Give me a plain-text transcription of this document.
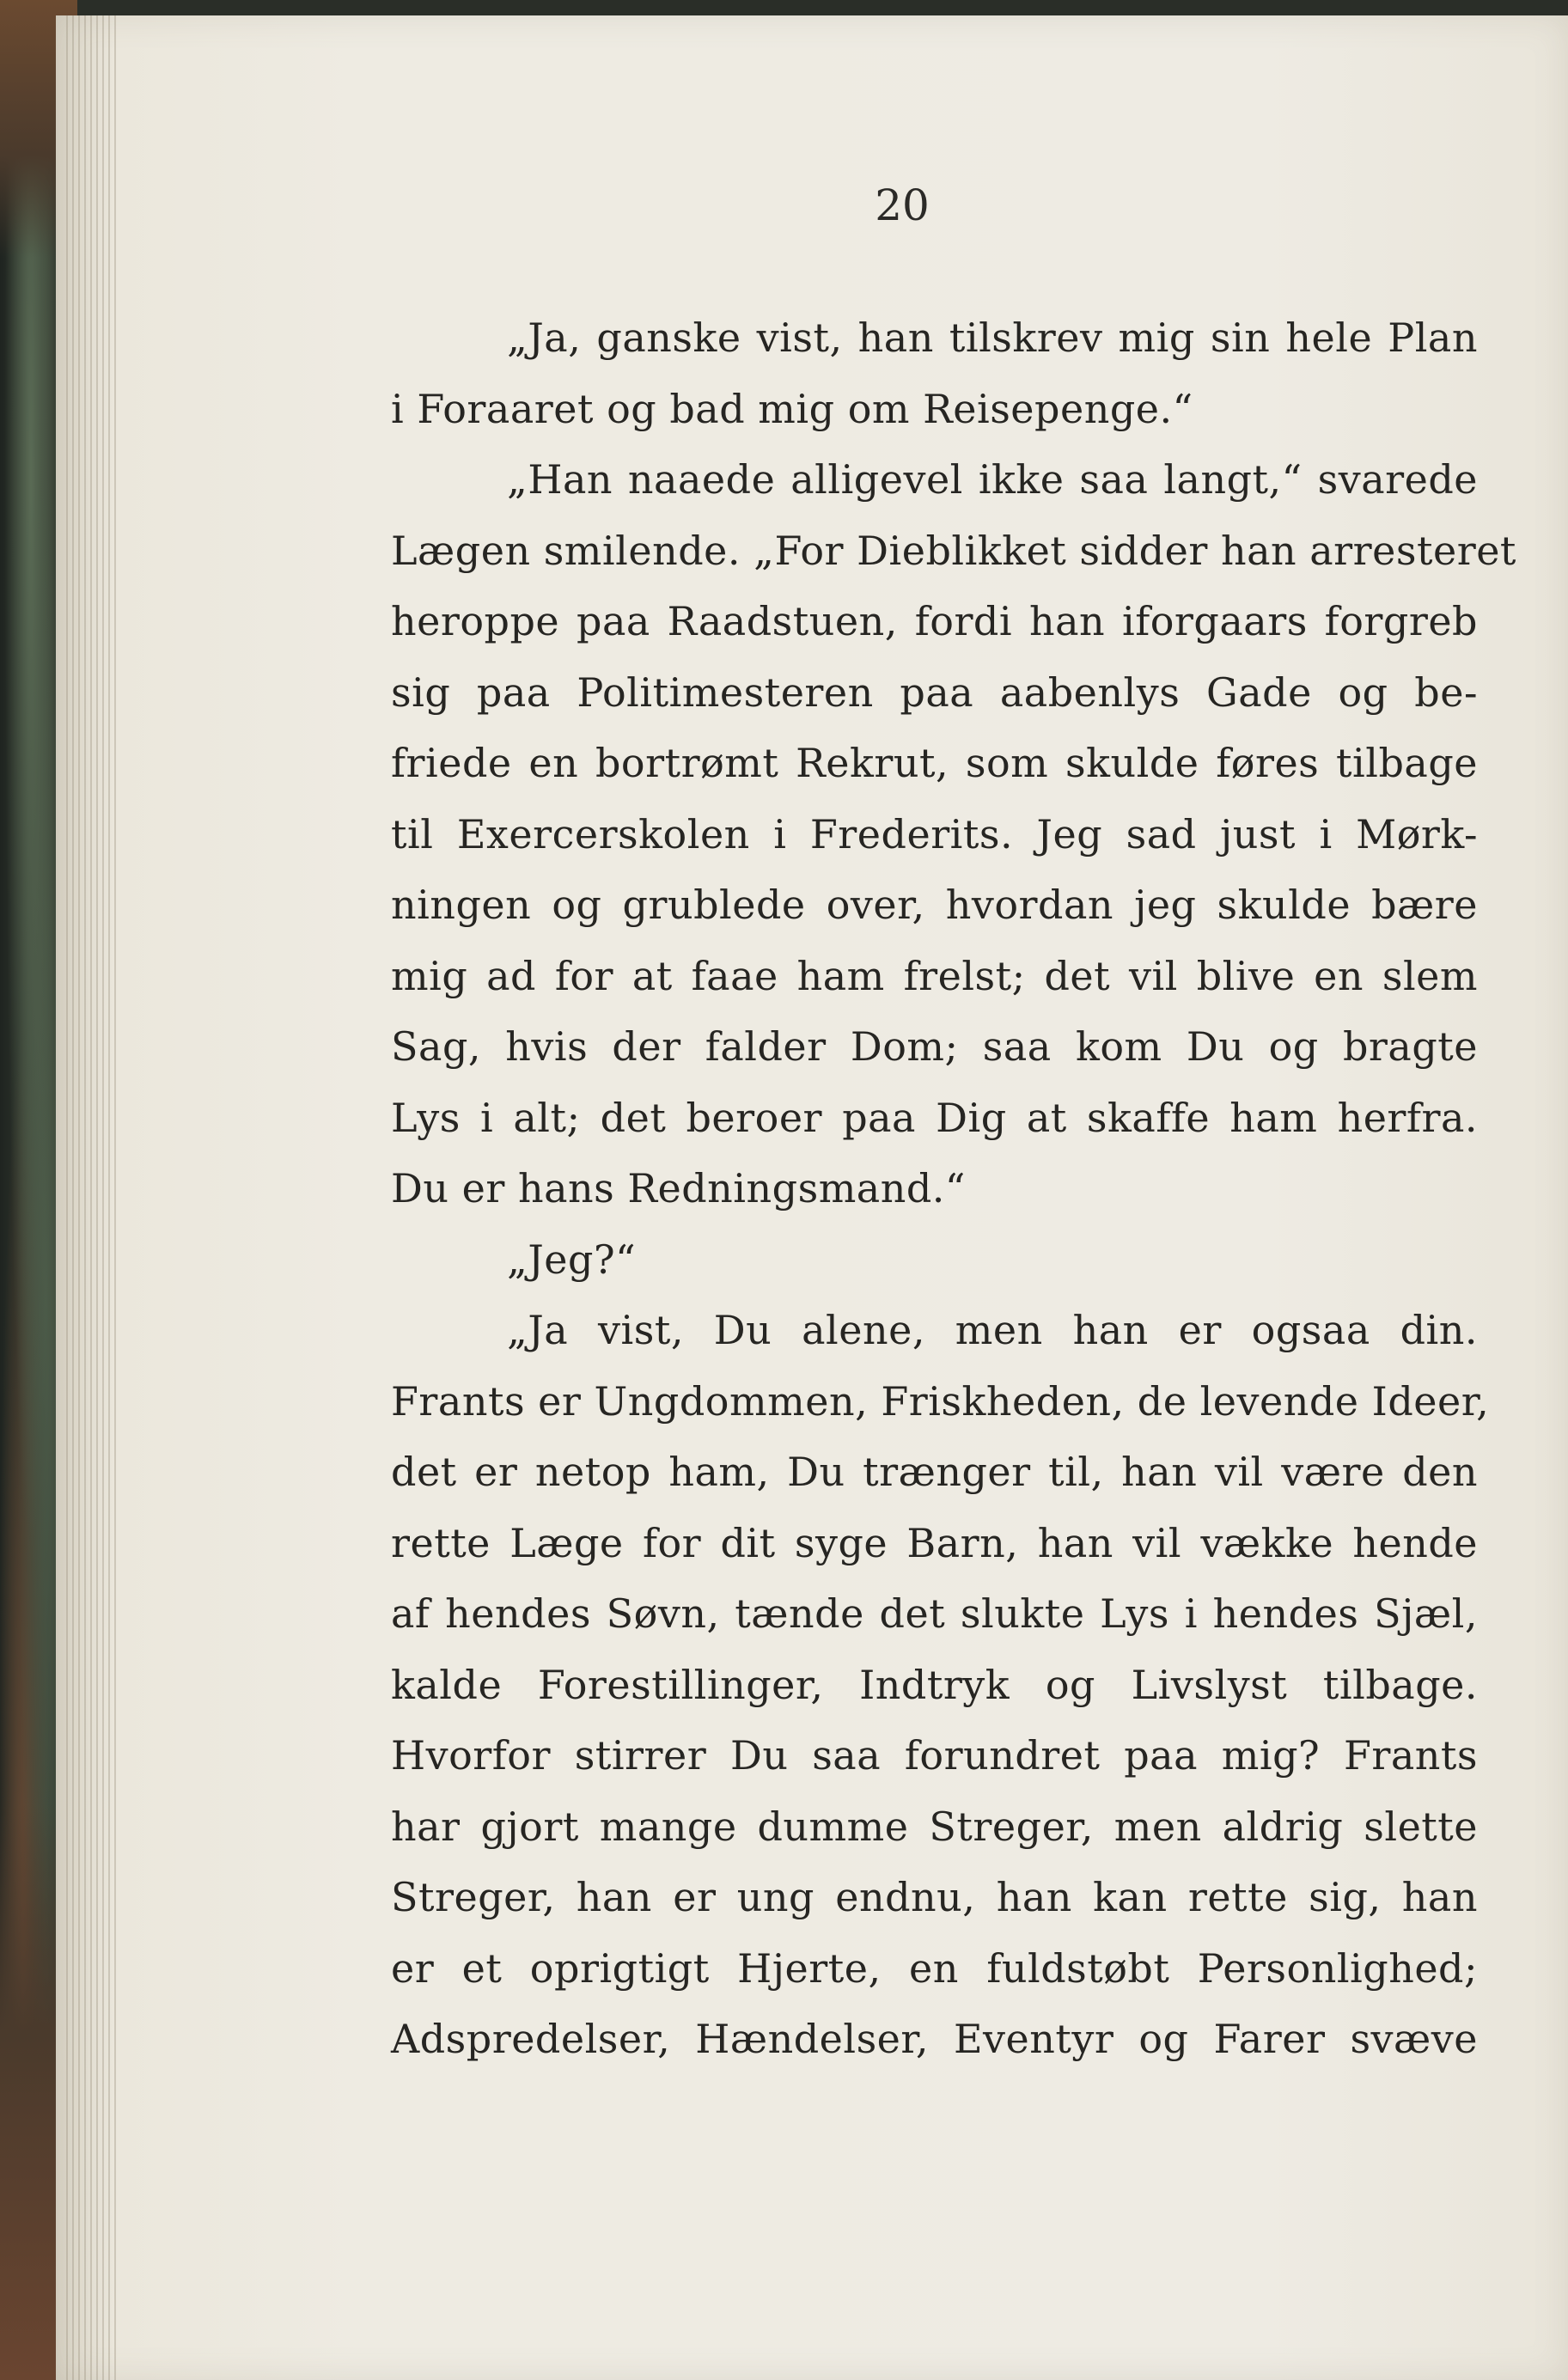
20
„Ja, ganske vist, han tilskrev mig sin hele Plan
i Foraaret og bad mig om Reisepenge.“
„Han naaede alligevel ikke saa langt,“ svarede
Lægen smilende. „For Dieblikket sidder han arresteret
heroppe paa Raadstuen, fordi han iforgaars forgreb
sig paa Politimesteren paa aabenlys Gade og be-
friede en bortrømt Rekrut, som skulde føres tilbage
til Exercerskolen i Frederits. Jeg sad just i Mørk-
ningen og grublede over, hvordan jeg skulde bære
mig ad for at faae ham frelst; det vil blive en slem
Sag, hvis der falder Dom; saa kom Du og bragte
Lys i alt; det beroer paa Dig at skaffe ham herfra.
Du er hans Redningsmand.“
„Jeg?“
„Ja vist, Du alene, men han er ogsaa din.
Frants er Ungdommen, Friskheden, de levende Ideer,
det er netop ham, Du trænger til, han vil være den
rette Læge for dit syge Barn, han vil vække hende
af hendes Søvn, tænde det slukte Lys i hendes Sjæl,
kalde Forestillinger, Indtryk og Livslyst tilbage.
Hvorfor stirrer Du saa forundret paa mig? Frants
har gjort mange dumme Streger, men aldrig slette
Streger, han er ung endnu, han kan rette sig, han
er et oprigtigt Hjerte, en fuldstøbt Personlighed;
Adspredelser, Hændelser, Eventyr og Farer svæve
